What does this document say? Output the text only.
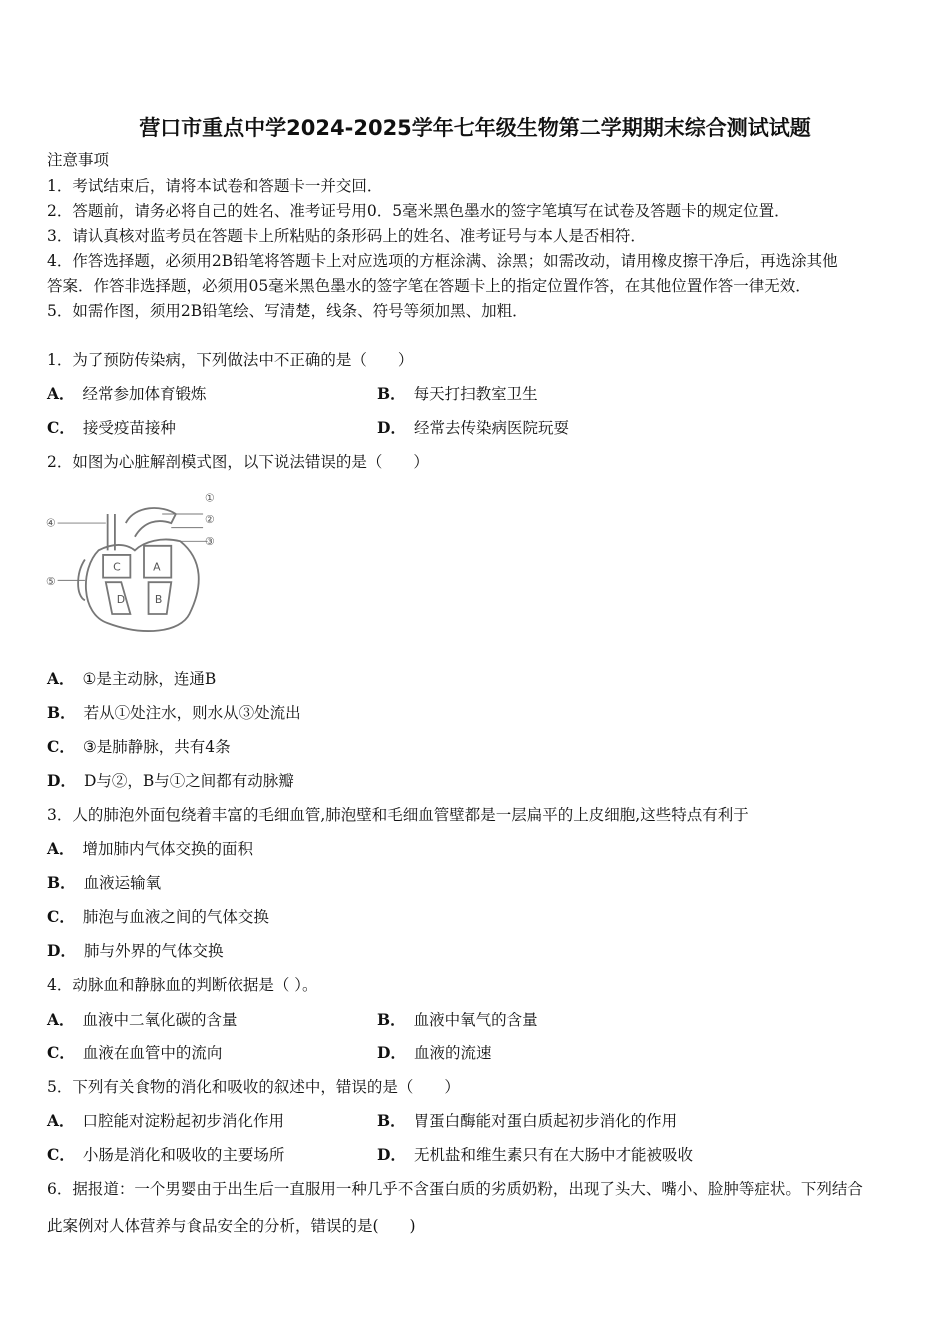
营口市重点中学2024-2025学年七年级生物第二学期期末综合测试试题
注意事项
1．考试结束后，请将本试卷和答题卡一并交回．
2．答题前，请务必将自己的姓名、准考证号用0．5毫米黑色墨水的签字笔填写在试卷及答题卡的规定位置．
3．请认真核对监考员在答题卡上所粘贴的条形码上的姓名、准考证号与本人是否相符．
4．作答选择题，必须用2B铅笔将答题卡上对应选项的方框涂满、涂黑；如需改动，请用橡皮擦干净后，再选涂其他
答案．作答非选择题，必须用05毫米黑色墨水的签字笔在答题卡上的指定位置作答，在其他位置作答一律无效．
5．如需作图，须用2B铅笔绘、写清楚，线条、符号等须加黑、加粗．
1．为了预防传染病，下列做法中不正确的是（　　）
A． 经常参加体育锻炼	B． 每天打扫教室卫生
C． 接受疫苗接种	D． 经常去传染病医院玩耍
2．如图为心脏解剖模式图，以下说法错误的是（　　）
C	A
D B
①
②
③
④
⑤
A． ①是主动脉，连通B
B． 若从①处注水，则水从③处流出
C． ③是肺静脉，共有4条
D． D与②，B与①之间都有动脉瓣
3．人的肺泡外面包绕着丰富的毛细血管,肺泡壁和毛细血管壁都是一层扁平的上皮细胞,这些特点有利于
A． 增加肺内气体交换的面积
B． 血液运输氧
C． 肺泡与血液之间的气体交换
D． 肺与外界的气体交换
4．动脉血和静脉血的判断依据是（ ）。
A． 血液中二氧化碳的含量	B． 血液中氧气的含量
C． 血液在血管中的流向	D． 血液的流速
5．下列有关食物的消化和吸收的叙述中，错误的是（　　）
A． 口腔能对淀粉起初步消化作用	B． 胃蛋白酶能对蛋白质起初步消化的作用
C． 小肠是消化和吸收的主要场所	D． 无机盐和维生素只有在大肠中才能被吸收
6．据报道：一个男婴由于出生后一直服用一种几乎不含蛋白质的劣质奶粉，出现了头大、嘴小、脸肿等症状。下列结合
此案例对人体营养与食品安全的分析，错误的是(　　)
